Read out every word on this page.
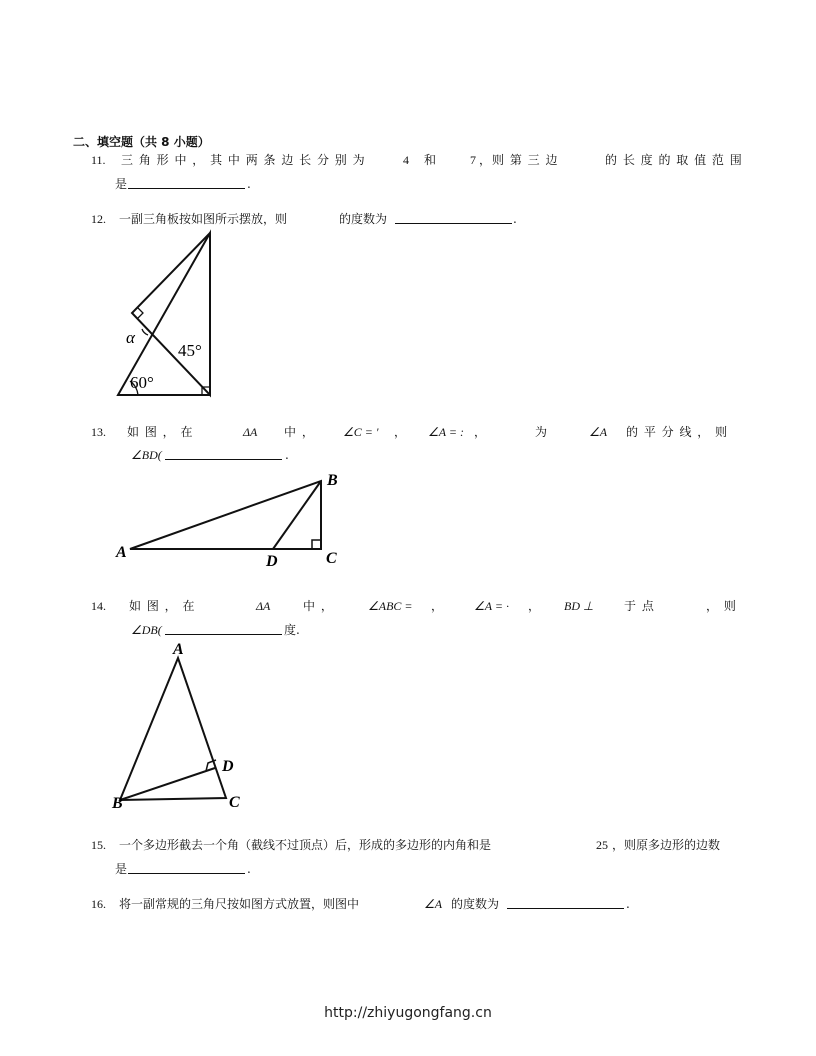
二、填空题（共 8 小题）
11. 三 角 形 中 ， 其 中 两 条 边 长 分 别 为	4 和	7 ，则 第 三 边	的 长 度 的 取 值 范 围
是	.
12. 一副三角板按如图所示摆放，则	的度数为	.
α
45°
60°
13. 如 图 ， 在	ΔA 中 ， ∠C = ' ， ∠A = : ，	为	∠A 的 平 分 线 ， 则
∠BD(	.
A
B
C
D
14. 如 图 ， 在	ΔA	中 ，	∠ABC = ，	∠A = · ， BD ⊥	于 点	， 则
∠DB(	度.
A
D
B	C
15. 一个多边形截去一个角（截线不过顶点）后，形成的多边形的内角和是	25 ，则原多边形的边数
是	.
16. 将一副常规的三角尺按如图方式放置，则图中	∠A 的度数为	.
http://zhiyugongfang.cn
